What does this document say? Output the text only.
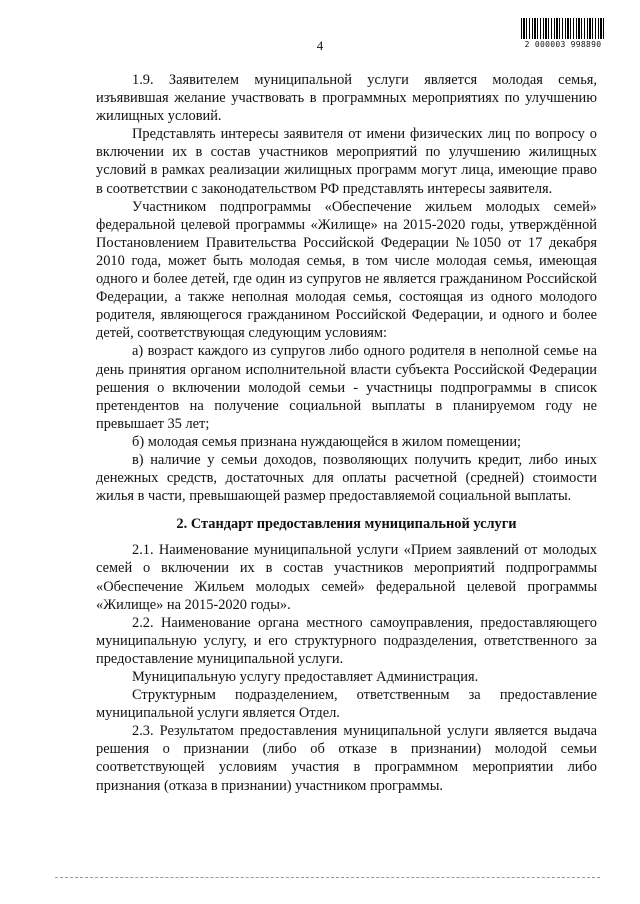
4	2 000003 998890

1.9. Заявителем муниципальной услуги является молодая семья, изъявившая желание участвовать в программных мероприятиях по улучшению жилищных условий.

Представлять интересы заявителя от имени физических лиц по вопросу о включении их в состав участников мероприятий по улучшению жилищных условий в рамках реализации жилищных программ могут лица, имеющие право в соответствии с законодательством РФ представлять интересы заявителя.

Участником подпрограммы «Обеспечение жильем молодых семей» федеральной целевой программы «Жилище» на 2015-2020 годы, утверждённой Постановлением Правительства Российской Федерации №1050 от 17 декабря 2010 года, может быть молодая семья, в том числе молодая семья, имеющая одного и более детей, где один из супругов не является гражданином Российской Федерации, а также неполная молодая семья, состоящая из одного молодого родителя, являющегося гражданином Российской Федерации, и одного и более детей, соответствующая следующим условиям:

а) возраст каждого из супругов либо одного родителя в неполной семье на день принятия органом исполнительной власти субъекта Российской Федерации решения о включении молодой семьи - участницы подпрограммы в список претендентов на получение социальной выплаты в планируемом году не превышает 35 лет;

б) молодая семья признана нуждающейся в жилом помещении;

в) наличие у семьи доходов, позволяющих получить кредит, либо иных денежных средств, достаточных для оплаты расчетной (средней) стоимости жилья в части, превышающей размер предоставляемой социальной выплаты.

2. Стандарт предоставления муниципальной услуги

2.1. Наименование муниципальной услуги «Прием заявлений от молодых семей о включении их в состав участников мероприятий подпрограммы «Обеспечение Жильем молодых семей» федеральной целевой программы «Жилище» на 2015-2020 годы».

2.2. Наименование органа местного самоуправления, предоставляющего муниципальную услугу, и его структурного подразделения, ответственного за предоставление муниципальной услуги.

Муниципальную услугу предоставляет Администрация.

Структурным подразделением, ответственным за предоставление муниципальной услуги является Отдел.

2.3. Результатом предоставления муниципальной услуги является выдача решения о признании (либо об отказе в признании) молодой семьи соответствующей условиям участия в программном мероприятии либо признания (отказа в признании) участником программы.
